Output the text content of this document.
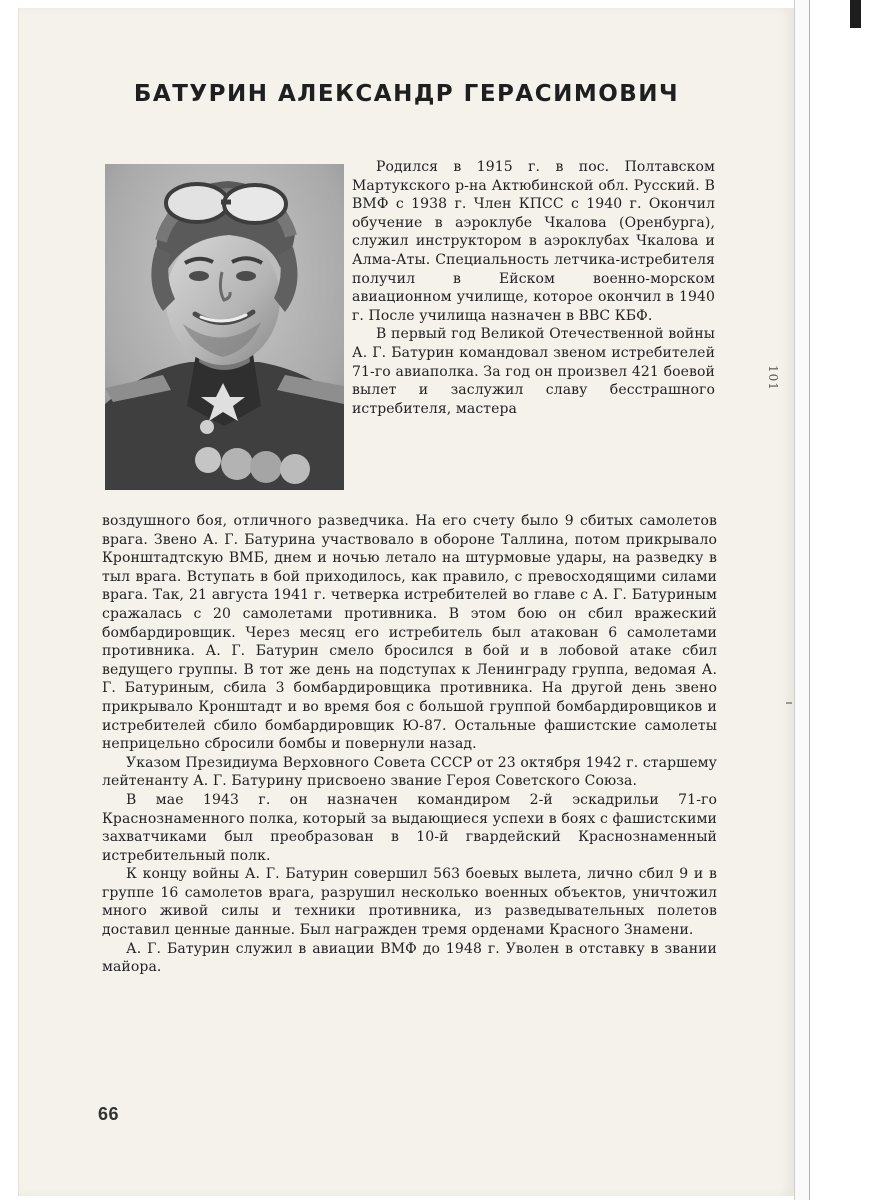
101
БАТУРИН АЛЕКСАНДР ГЕРАСИМОВИЧ

Родился в 1915 г. в пос. Полтавском Мартукского р-на Актюбинской обл. Русский. В ВМФ с 1938 г. Член КПСС с 1940 г. Окончил обучение в аэроклубе Чкалова (Оренбурга), служил инструктором в аэроклубах Чкалова и Алма-Аты. Специальность летчика-истребителя получил в Ейском военно-морском авиационном училище, которое окончил в 1940 г. После училища назначен в ВВС КБФ.

В первый год Великой Отечественной войны А. Г. Батурин командовал звеном истребителей 71-го авиаполка. За год он произвел 421 боевой вылет и заслужил славу бесстрашного истребителя, мастера

воздушного боя, отличного разведчика. На его счету было 9 сбитых самолетов врага. Звено А. Г. Батурина участвовало в обороне Таллина, потом прикрывало Кронштадтскую ВМБ, днем и ночью летало на штурмовые удары, на разведку в тыл врага. Вступать в бой приходилось, как правило, с превосходящими силами врага. Так, 21 августа 1941 г. четверка истребителей во главе с А. Г. Батуриным сражалась с 20 самолетами противника. В этом бою он сбил вражеский бомбардировщик. Через месяц его истребитель был атакован 6 самолетами противника. А. Г. Батурин смело бросился в бой и в лобовой атаке сбил ведущего группы. В тот же день на подступах к Ленинграду группа, ведомая А. Г. Батуриным, сбила 3 бомбардировщика противника. На другой день звено прикрывало Кронштадт и во время боя с большой группой бомбардировщиков и истребителей сбило бомбардировщик Ю-87. Остальные фашистские самолеты неприцельно сбросили бомбы и повернули назад.

Указом Президиума Верховного Совета СССР от 23 октября 1942 г. старшему лейтенанту А. Г. Батурину присвоено звание Героя Советского Союза.

В мае 1943 г. он назначен командиром 2-й эскадрильи 71-го Краснознаменного полка, который за выдающиеся успехи в боях с фашистскими захватчиками был преобразован в 10-й гвардейский Краснознаменный истребительный полк.

К концу войны А. Г. Батурин совершил 563 боевых вылета, лично сбил 9 и в группе 16 самолетов врага, разрушил несколько военных объектов, уничтожил много живой силы и техники противника, из разведывательных полетов доставил ценные данные. Был награжден тремя орденами Красного Знамени.

А. Г. Батурин служил в авиации ВМФ до 1948 г. Уволен в отставку в звании майора.

66
